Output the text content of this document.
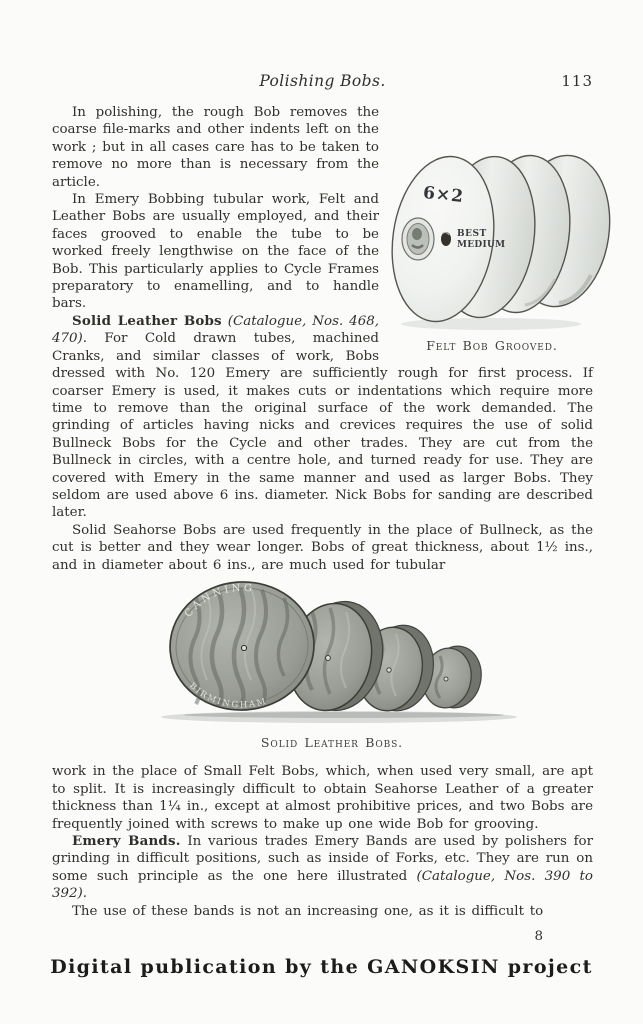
Polishing Bobs.	113
6×2
BEST
MEDIUM
Felt Bob Grooved.

In polishing, the rough Bob removes the coarse file-marks and other indents left on the work ; but in all cases care has to be taken to remove no more than is necessary from the article.

In Emery Bobbing tubular work, Felt and Leather Bobs are usually employed, and their faces grooved to enable the tube to be worked freely lengthwise on the face of the Bob. This particularly applies to Cycle Frames preparatory to enamelling, and to handle bars.

Solid Leather Bobs (Catalogue, Nos. 468, 470). For Cold drawn tubes, machined Cranks, and similar classes of work, Bobs dressed with No. 120 Emery are sufficiently rough for first process. If coarser Emery is used, it makes cuts or indentations which require more time to remove than the original surface of the work demanded. The grinding of articles having nicks and crevices requires the use of solid Bullneck Bobs for the Cycle and other trades. They are cut from the Bullneck in circles, with a centre hole, and turned ready for use. They are covered with Emery in the same manner and used as larger Bobs. They seldom are used above 6 ins. diameter. Nick Bobs for sanding are described later.

Solid Seahorse Bobs are used frequently in the place of Bullneck, as the cut is better and they wear longer. Bobs of great thickness, about 1½ ins., and in diameter about 6 ins., are much used for tubular

CANNING
BIRMINGHAM
Solid Leather Bobs.

work in the place of Small Felt Bobs, which, when used very small, are apt to split. It is increasingly difficult to obtain Seahorse Leather of a greater thickness than 1¼ in., except at almost prohibitive prices, and two Bobs are frequently joined with screws to make up one wide Bob for grooving.

Emery Bands. In various trades Emery Bands are used by polishers for grinding in difficult positions, such as inside of Forks, etc. They are run on some such principle as the one here illustrated (Catalogue, Nos. 390 to 392).

The use of these bands is not an increasing one, as it is difficult to

8
Digital publication by the GANOKSIN project
